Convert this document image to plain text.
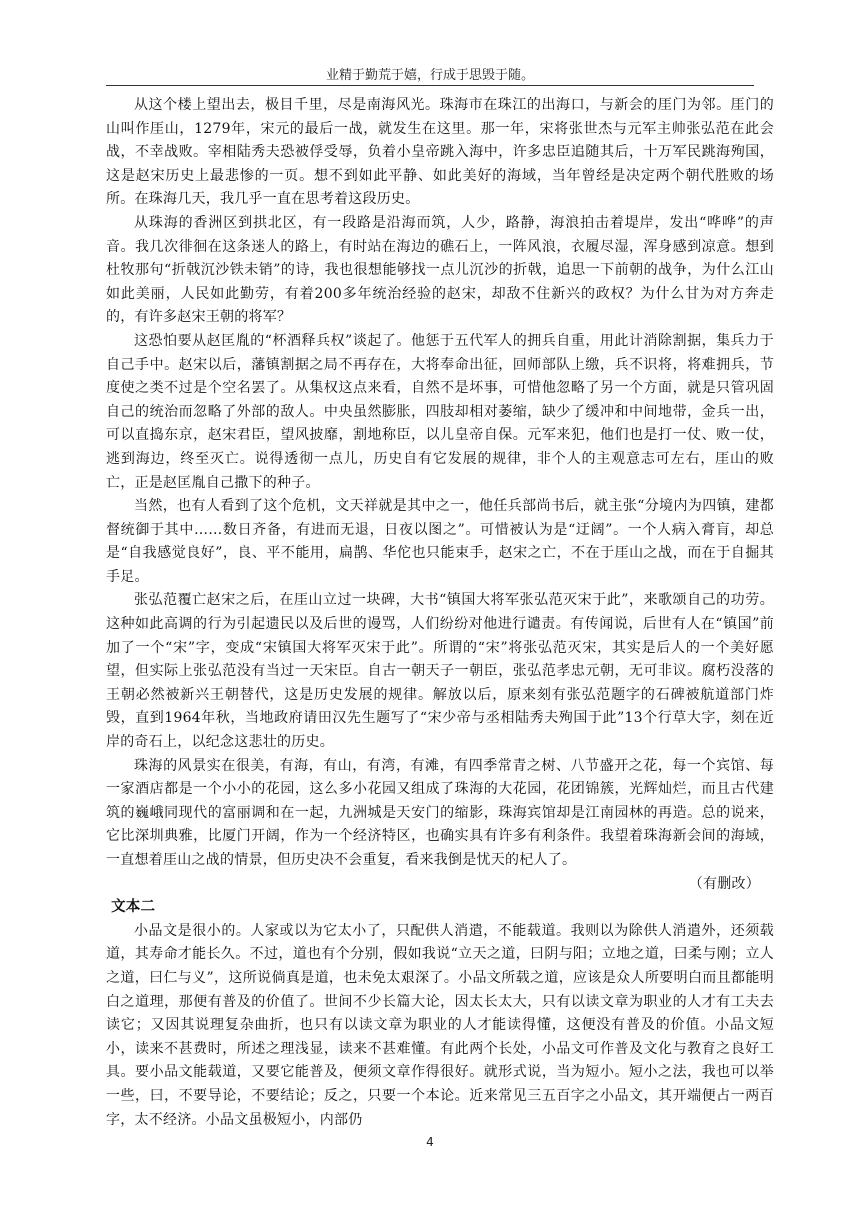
业精于勤荒于嬉，行成于思毁于随。

从这个楼上望出去，极目千里，尽是南海风光。珠海市在珠江的出海口，与新会的厓门为邻。厓门的山叫作厓山，1279年，宋元的最后一战，就发生在这里。那一年，宋将张世杰与元军主帅张弘范在此会战，不幸战败。宰相陆秀夫恐被俘受辱，负着小皇帝跳入海中，许多忠臣追随其后，十万军民跳海殉国，这是赵宋历史上最悲惨的一页。想不到如此平静、如此美好的海域，当年曾经是决定两个朝代胜败的场所。在珠海几天，我几乎一直在思考着这段历史。

从珠海的香洲区到拱北区，有一段路是沿海而筑，人少，路静，海浪拍击着堤岸，发出“哗哗”的声音。我几次徘徊在这条迷人的路上，有时站在海边的礁石上，一阵风浪，衣履尽湿，浑身感到凉意。想到杜牧那句“折戟沉沙铁未销”的诗，我也很想能够找一点儿沉沙的折戟，追思一下前朝的战争，为什么江山如此美丽，人民如此勤劳，有着200多年统治经验的赵宋，却敌不住新兴的政权？为什么甘为对方奔走的，有许多赵宋王朝的将军？

这恐怕要从赵匡胤的“杯酒释兵权”谈起了。他惩于五代军人的拥兵自重，用此计消除割据，集兵力于自己手中。赵宋以后，藩镇割据之局不再存在，大将奉命出征，回师部队上缴，兵不识将，将难拥兵，节度使之类不过是个空名罢了。从集权这点来看，自然不是坏事，可惜他忽略了另一个方面，就是只管巩固自己的统治而忽略了外部的敌人。中央虽然膨胀，四肢却相对萎缩，缺少了缓冲和中间地带，金兵一出，可以直捣东京，赵宋君臣，望风披靡，割地称臣，以儿皇帝自保。元军来犯，他们也是打一仗、败一仗，逃到海边，终至灭亡。说得透彻一点儿，历史自有它发展的规律，非个人的主观意志可左右，厓山的败亡，正是赵匡胤自己撒下的种子。

当然，也有人看到了这个危机，文天祥就是其中之一，他任兵部尚书后，就主张“分境内为四镇，建都督统御于其中……数日齐备，有进而无退，日夜以图之”。可惜被认为是“迂阔”。一个人病入膏肓，却总是“自我感觉良好”，良、平不能用，扁鹊、华佗也只能束手，赵宋之亡，不在于厓山之战，而在于自掘其手足。

张弘范覆亡赵宋之后，在厓山立过一块碑，大书“镇国大将军张弘范灭宋于此”，来歌颂自己的功劳。这种如此高调的行为引起遗民以及后世的谩骂，人们纷纷对他进行谴责。有传闻说，后世有人在“镇国”前加了一个“宋”字，变成“宋镇国大将军灭宋于此”。所谓的“宋”将张弘范灭宋，其实是后人的一个美好愿望，但实际上张弘范没有当过一天宋臣。自古一朝天子一朝臣，张弘范孝忠元朝，无可非议。腐朽没落的王朝必然被新兴王朝替代，这是历史发展的规律。解放以后，原来刻有张弘范题字的石碑被航道部门炸毁，直到1964年秋，当地政府请田汉先生题写了“宋少帝与丞相陆秀夫殉国于此”13个行草大字，刻在近岸的奇石上，以纪念这悲壮的历史。

珠海的风景实在很美，有海，有山，有湾，有滩，有四季常青之树、八节盛开之花，每一个宾馆、每一家酒店都是一个小小的花园，这么多小花园又组成了珠海的大花园，花团锦簇，光辉灿烂，而且古代建筑的巍峨同现代的富丽调和在一起，九洲城是天安门的缩影，珠海宾馆却是江南园林的再造。总的说来，它比深圳典雅，比厦门开阔，作为一个经济特区，也确实具有许多有利条件。我望着珠海新会间的海域，一直想着厓山之战的情景，但历史决不会重复，看来我倒是忧天的杞人了。

（有删改）

文本二

小品文是很小的。人家或以为它太小了，只配供人消遣，不能载道。我则以为除供人消遣外，还须载道，其寿命才能长久。不过，道也有个分别，假如我说“立天之道，曰阴与阳；立地之道，曰柔与刚；立人之道，曰仁与义”，这所说倘真是道，也未免太艰深了。小品文所载之道，应该是众人所要明白而且都能明白之道理，那便有普及的价值了。世间不少长篇大论，因太长太大，只有以读文章为职业的人才有工夫去读它；又因其说理复杂曲折，也只有以读文章为职业的人才能读得懂，这便没有普及的价值。小品文短小，读来不甚费时，所述之理浅显，读来不甚难懂。有此两个长处，小品文可作普及文化与教育之良好工具。要小品文能载道，又要它能普及，便须文章作得很好。就形式说，当为短小。短小之法，我也可以举一些，曰，不要导论，不要结论；反之，只要一个本论。近来常见三五百字之小品文，其开端便占一两百字，太不经济。小品文虽极短小，内部仍

4
